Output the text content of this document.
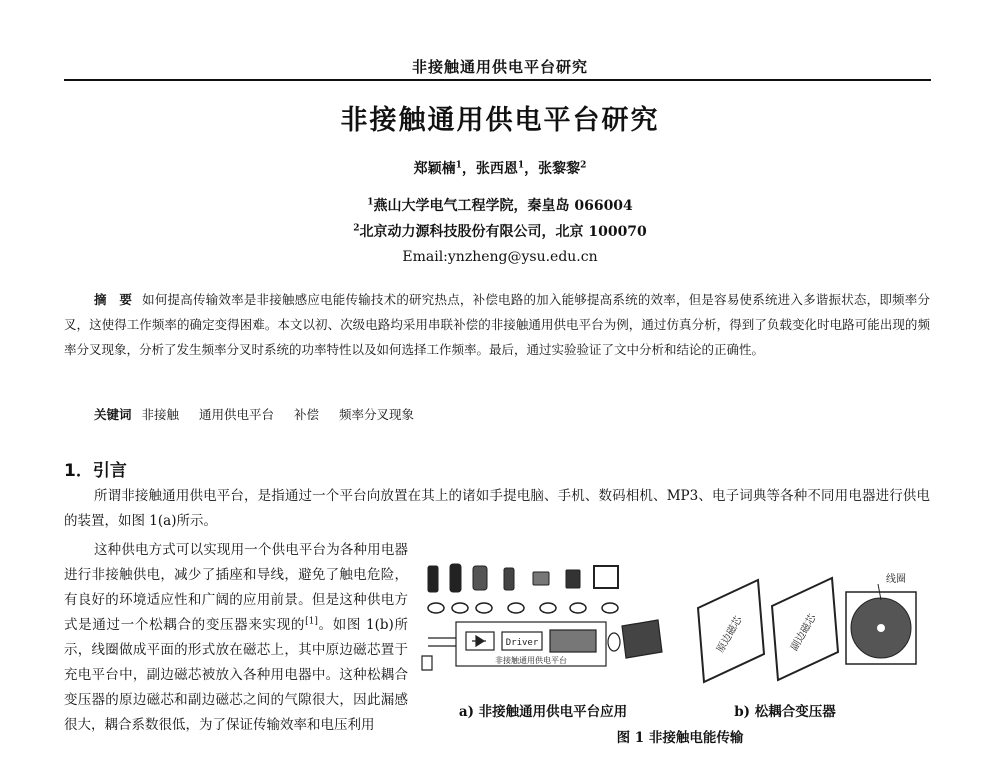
非接触通用供电平台研究
非接触通用供电平台研究
郑颖楠$^1$，张西恩$^1$，张黎黎$^2$
$^1$燕山大学电气工程学院，秦皇岛 066004
$^2$北京动力源科技股份有限公司，北京 100070
Email:ynzheng@ysu.edu.cn
摘　要 如何提高传输效率是非接触感应电能传输技术的研究热点，补偿电路的加入能够提高系统的效率，但是容易使系统进入多谐振状态，即频率分叉，这使得工作频率的确定变得困难。本文以初、次级电路均采用串联补偿的非接触通用供电平台为例，通过仿真分析，得到了负载变化时电路可能出现的频率分叉现象，分析了发生频率分叉时系统的功率特性以及如何选择工作频率。最后，通过实验验证了文中分析和结论的正确性。
关键词 非接触 通用供电平台 补偿 频率分叉现象
1．引言
所谓非接触通用供电平台，是指通过一个平台向放置在其上的诸如手提电脑、手机、数码相机、MP3、电子词典等各种不同用电器进行供电的装置，如图 1(a)所示。
这种供电方式可以实现用一个供电平台为各种用电器进行非接触供电，减少了插座和导线，避免了触电危险，有良好的环境适应性和广阔的应用前景。但是这种供电方式是通过一个松耦合的变压器来实现的[1]。如图 1(b)所示，线圈做成平面的形式放在磁芯上，其中原边磁芯置于充电平台中，副边磁芯被放入各种用电器中。这种松耦合变压器的原边磁芯和副边磁芯之间的气隙很大，因此漏感很大，耦合系数很低，为了保证传输效率和电压利用
Driver
非接触通用供电平台
原边磁芯	副边磁芯
线圈
a) 非接触通用供电平台应用	b) 松耦合变压器
图 1 非接触电能传输
